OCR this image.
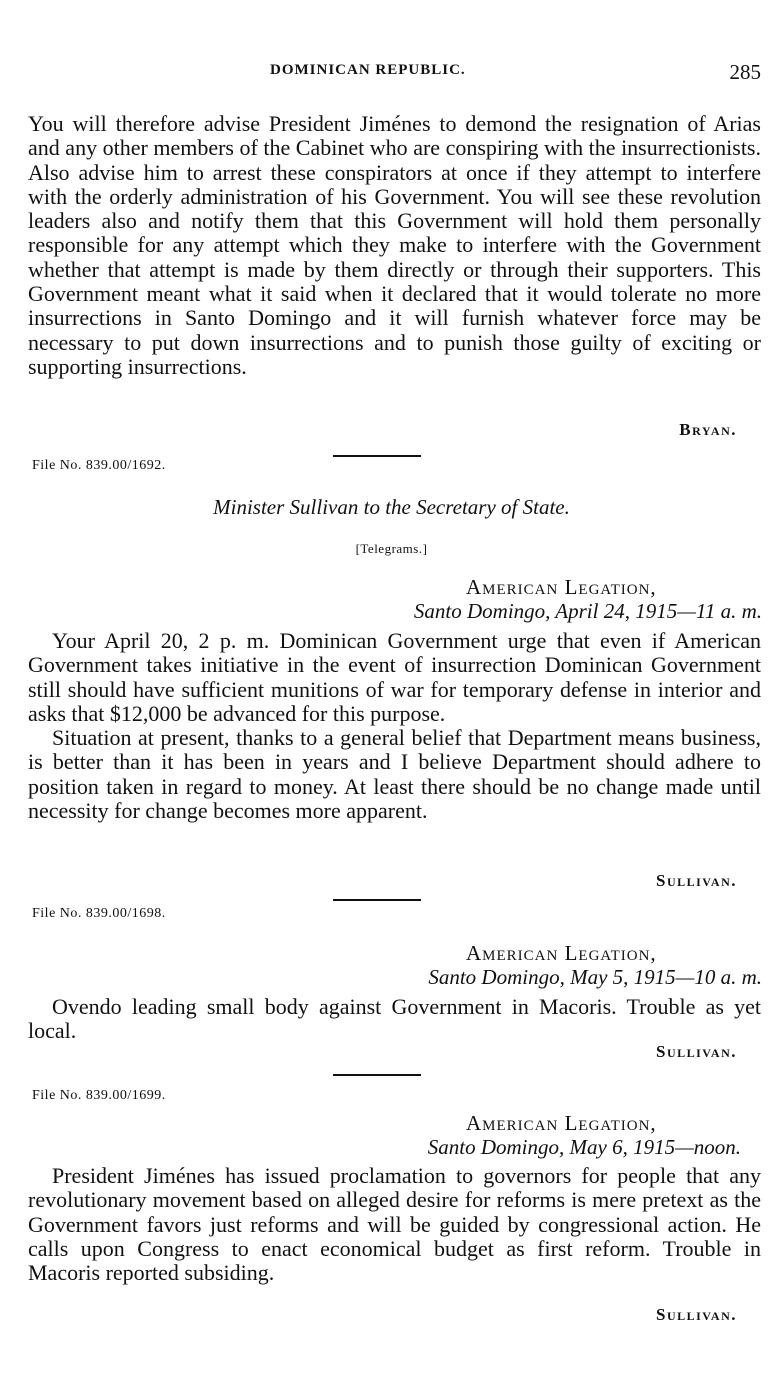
DOMINICAN REPUBLIC.	285

You will therefore advise President Jiménes to demond the resignation of Arias and any other members of the Cabinet who are conspiring with the insurrectionists. Also advise him to arrest these conspirators at once if they attempt to interfere with the orderly administration of his Government. You will see these revolution leaders also and notify them that this Government will hold them personally responsible for any attempt which they make to interfere with the Government whether that attempt is made by them directly or through their supporters. This Government meant what it said when it declared that it would tolerate no more insurrections in Santo Domingo and it will furnish whatever force may be necessary to put down insurrections and to punish those guilty of exciting or supporting insurrections.

Bryan.
File No. 839.00/1692.
Minister Sullivan to the Secretary of State.
[Telegrams.]
American Legation,
Santo Domingo, April 24, 1915—11 a. m.

Your April 20, 2 p. m. Dominican Government urge that even if American Government takes initiative in the event of insurrection Dominican Government still should have sufficient munitions of war for temporary defense in interior and asks that $12,000 be advanced for this purpose.

Situation at present, thanks to a general belief that Department means business, is better than it has been in years and I believe Department should adhere to position taken in regard to money. At least there should be no change made until necessity for change becomes more apparent.

Sullivan.
File No. 839.00/1698.
American Legation,
Santo Domingo, May 5, 1915—10 a. m.

Ovendo leading small body against Government in Macoris. Trouble as yet local.

Sullivan.
File No. 839.00/1699.
American Legation,
Santo Domingo, May 6, 1915—noon.

President Jiménes has issued proclamation to governors for people that any revolutionary movement based on alleged desire for reforms is mere pretext as the Government favors just reforms and will be guided by congressional action. He calls upon Congress to enact economical budget as first reform. Trouble in Macoris reported subsiding.

Sullivan.
